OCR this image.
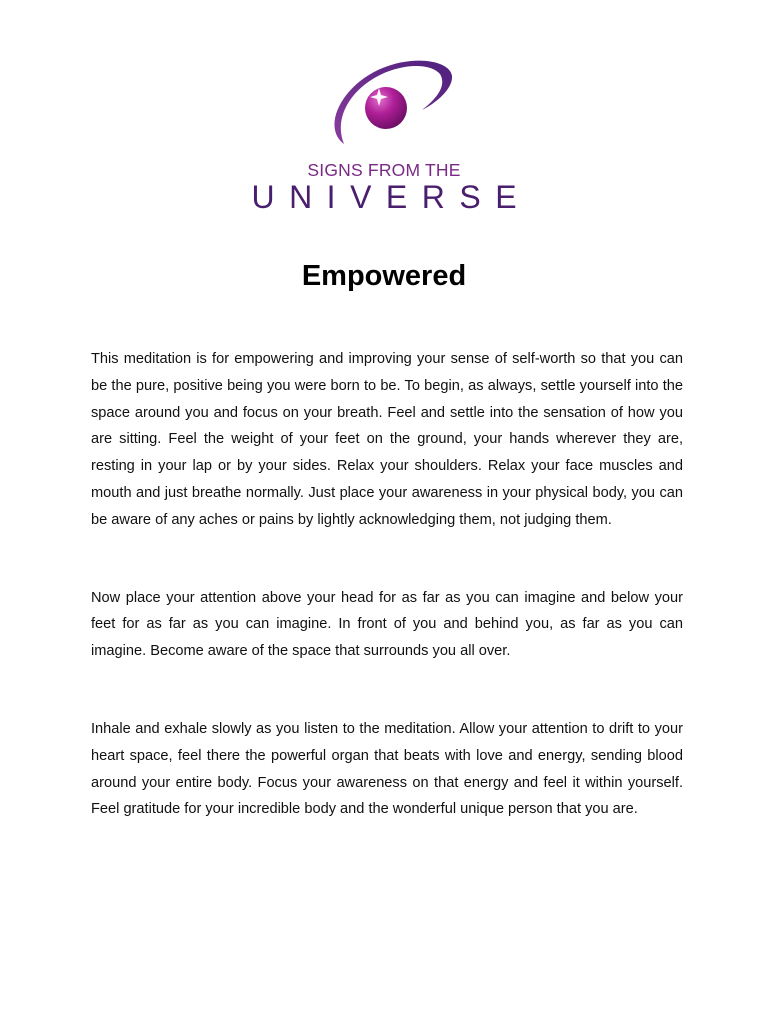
SIGNS FROM THE
UNIVERSE
Empowered

This meditation is for empowering and improving your sense of self-worth so that you can be the pure, positive being you were born to be. To begin, as always, settle yourself into the space around you and focus on your breath. Feel and settle into the sensation of how you are sitting. Feel the weight of your feet on the ground, your hands wherever they are, resting in your lap or by your sides. Relax your shoulders. Relax your face muscles and mouth and just breathe normally. Just place your awareness in your physical body, you can be aware of any aches or pains by lightly acknowledging them, not judging them.

Now place your attention above your head for as far as you can imagine and below your feet for as far as you can imagine. In front of you and behind you, as far as you can imagine. Become aware of the space that surrounds you all over.

Inhale and exhale slowly as you listen to the meditation. Allow your attention to drift to your heart space, feel there the powerful organ that beats with love and energy, sending blood around your entire body. Focus your awareness on that energy and feel it within yourself. Feel gratitude for your incredible body and the wonderful unique person that you are.
